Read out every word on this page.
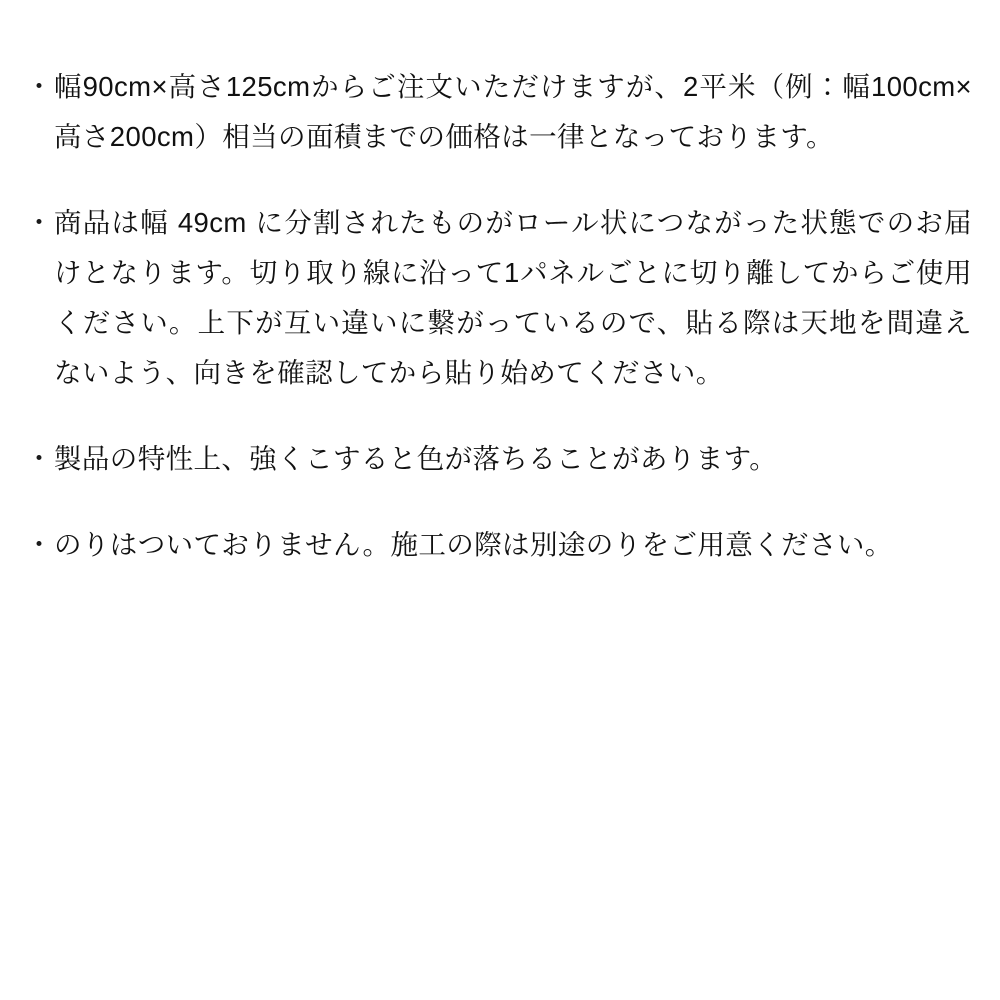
・ 幅90cm×高さ125cmからご注文いただけますが、2平米（例：幅100cm×高さ200cm）相当の面積までの価格は一律となっております。
・ 商品は幅 49cm に分割されたものがロール状につながった状態でのお届けとなります。切り取り線に沿って1パネルごとに切り離してからご使用ください。上下が互い違いに繋がっているので、貼る際は天地を間違えないよう、向きを確認してから貼り始めてください。
・ 製品の特性上、強くこすると色が落ちることがあります。
・ のりはついておりません。施工の際は別途のりをご用意ください。
